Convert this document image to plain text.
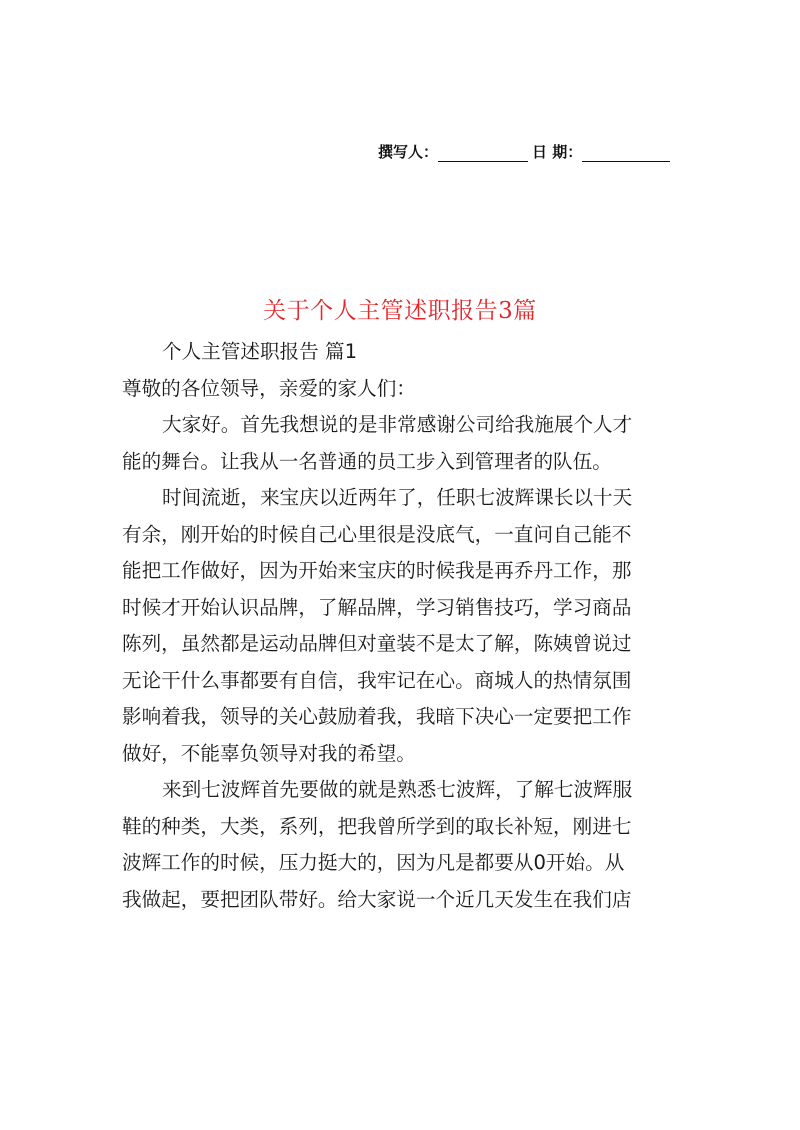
撰写人：	日 期：
关于个人主管述职报告3篇
个人主管述职报告 篇1
尊敬的各位领导，亲爱的家人们：
大家好。首先我想说的是非常感谢公司给我施展个人才
能的舞台。让我从一名普通的员工步入到管理者的队伍。
时间流逝，来宝庆以近两年了，任职七波辉课长以十天
有余，刚开始的时候自己心里很是没底气，一直问自己能不
能把工作做好，因为开始来宝庆的时候我是再乔丹工作，那
时候才开始认识品牌，了解品牌，学习销售技巧，学习商品
陈列，虽然都是运动品牌但对童装不是太了解，陈姨曾说过
无论干什么事都要有自信，我牢记在心。商城人的热情氛围
影响着我，领导的关心鼓励着我，我暗下决心一定要把工作
做好，不能辜负领导对我的希望。
来到七波辉首先要做的就是熟悉七波辉，了解七波辉服
鞋的种类，大类，系列，把我曾所学到的取长补短，刚进七
波辉工作的时候，压力挺大的，因为凡是都要从0开始。从
我做起，要把团队带好。给大家说一个近几天发生在我们店
